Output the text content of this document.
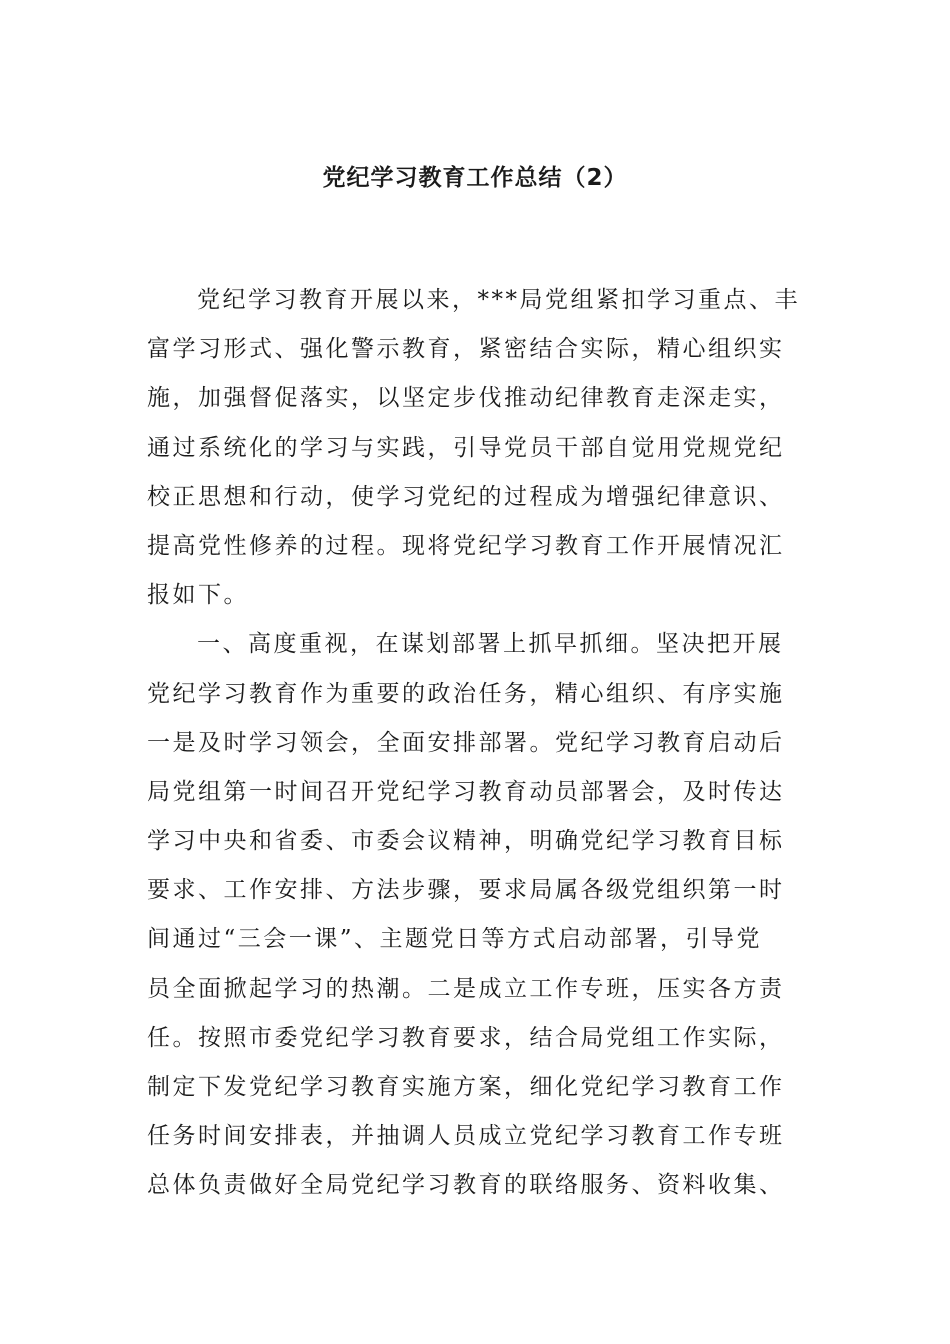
党纪学习教育工作总结（2）
党纪学习教育开展以来，***局党组紧扣学习重点、丰
富学习形式、强化警示教育，紧密结合实际，精心组织实
施，加强督促落实，以坚定步伐推动纪律教育走深走实，
通过系统化的学习与实践，引导党员干部自觉用党规党纪
校正思想和行动，使学习党纪的过程成为增强纪律意识、
提高党性修养的过程。现将党纪学习教育工作开展情况汇
报如下。
一、高度重视，在谋划部署上抓早抓细。坚决把开展
党纪学习教育作为重要的政治任务，精心组织、有序实施
一是及时学习领会，全面安排部署。党纪学习教育启动后
局党组第一时间召开党纪学习教育动员部署会，及时传达
学习中央和省委、市委会议精神，明确党纪学习教育目标
要求、工作安排、方法步骤，要求局属各级党组织第一时
间通过“三会一课”、主题党日等方式启动部署，引导党
员全面掀起学习的热潮。二是成立工作专班，压实各方责
任。按照市委党纪学习教育要求，结合局党组工作实际，
制定下发党纪学习教育实施方案，细化党纪学习教育工作
任务时间安排表，并抽调人员成立党纪学习教育工作专班
总体负责做好全局党纪学习教育的联络服务、资料收集、
